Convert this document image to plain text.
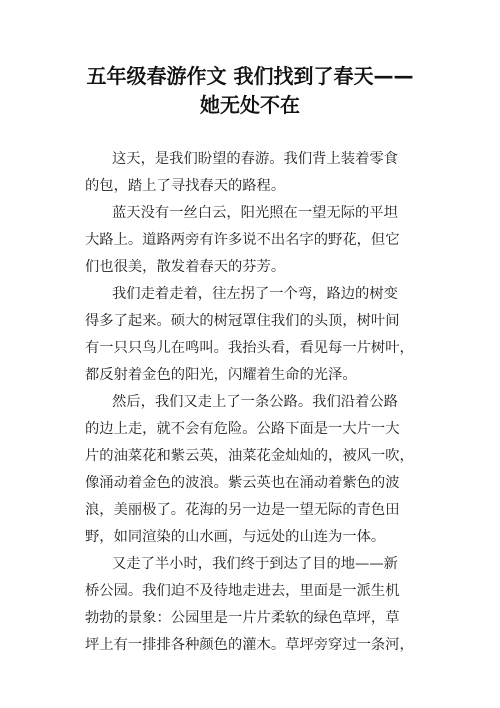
五年级春游作文 我们找到了春天——
她无处不在
这天，是我们盼望的春游。我们背上装着零食
的包，踏上了寻找春天的路程。
蓝天没有一丝白云，阳光照在一望无际的平坦
大路上。道路两旁有许多说不出名字的野花，但它
们也很美，散发着春天的芬芳。
我们走着走着，往左拐了一个弯，路边的树变
得多了起来。硕大的树冠罩住我们的头顶，树叶间
有一只只鸟儿在鸣叫。我抬头看，看见每一片树叶，
都反射着金色的阳光，闪耀着生命的光泽。
然后，我们又走上了一条公路。我们沿着公路
的边上走，就不会有危险。公路下面是一大片一大
片的油菜花和紫云英，油菜花金灿灿的，被风一吹，
像涌动着金色的波浪。紫云英也在涌动着紫色的波
浪，美丽极了。花海的另一边是一望无际的青色田
野，如同渲染的山水画，与远处的山连为一体。
又走了半小时，我们终于到达了目的地——新
桥公园。我们迫不及待地走进去，里面是一派生机
勃勃的景象：公园里是一片片柔软的绿色草坪，草
坪上有一排排各种颜色的灌木。草坪旁穿过一条河，
